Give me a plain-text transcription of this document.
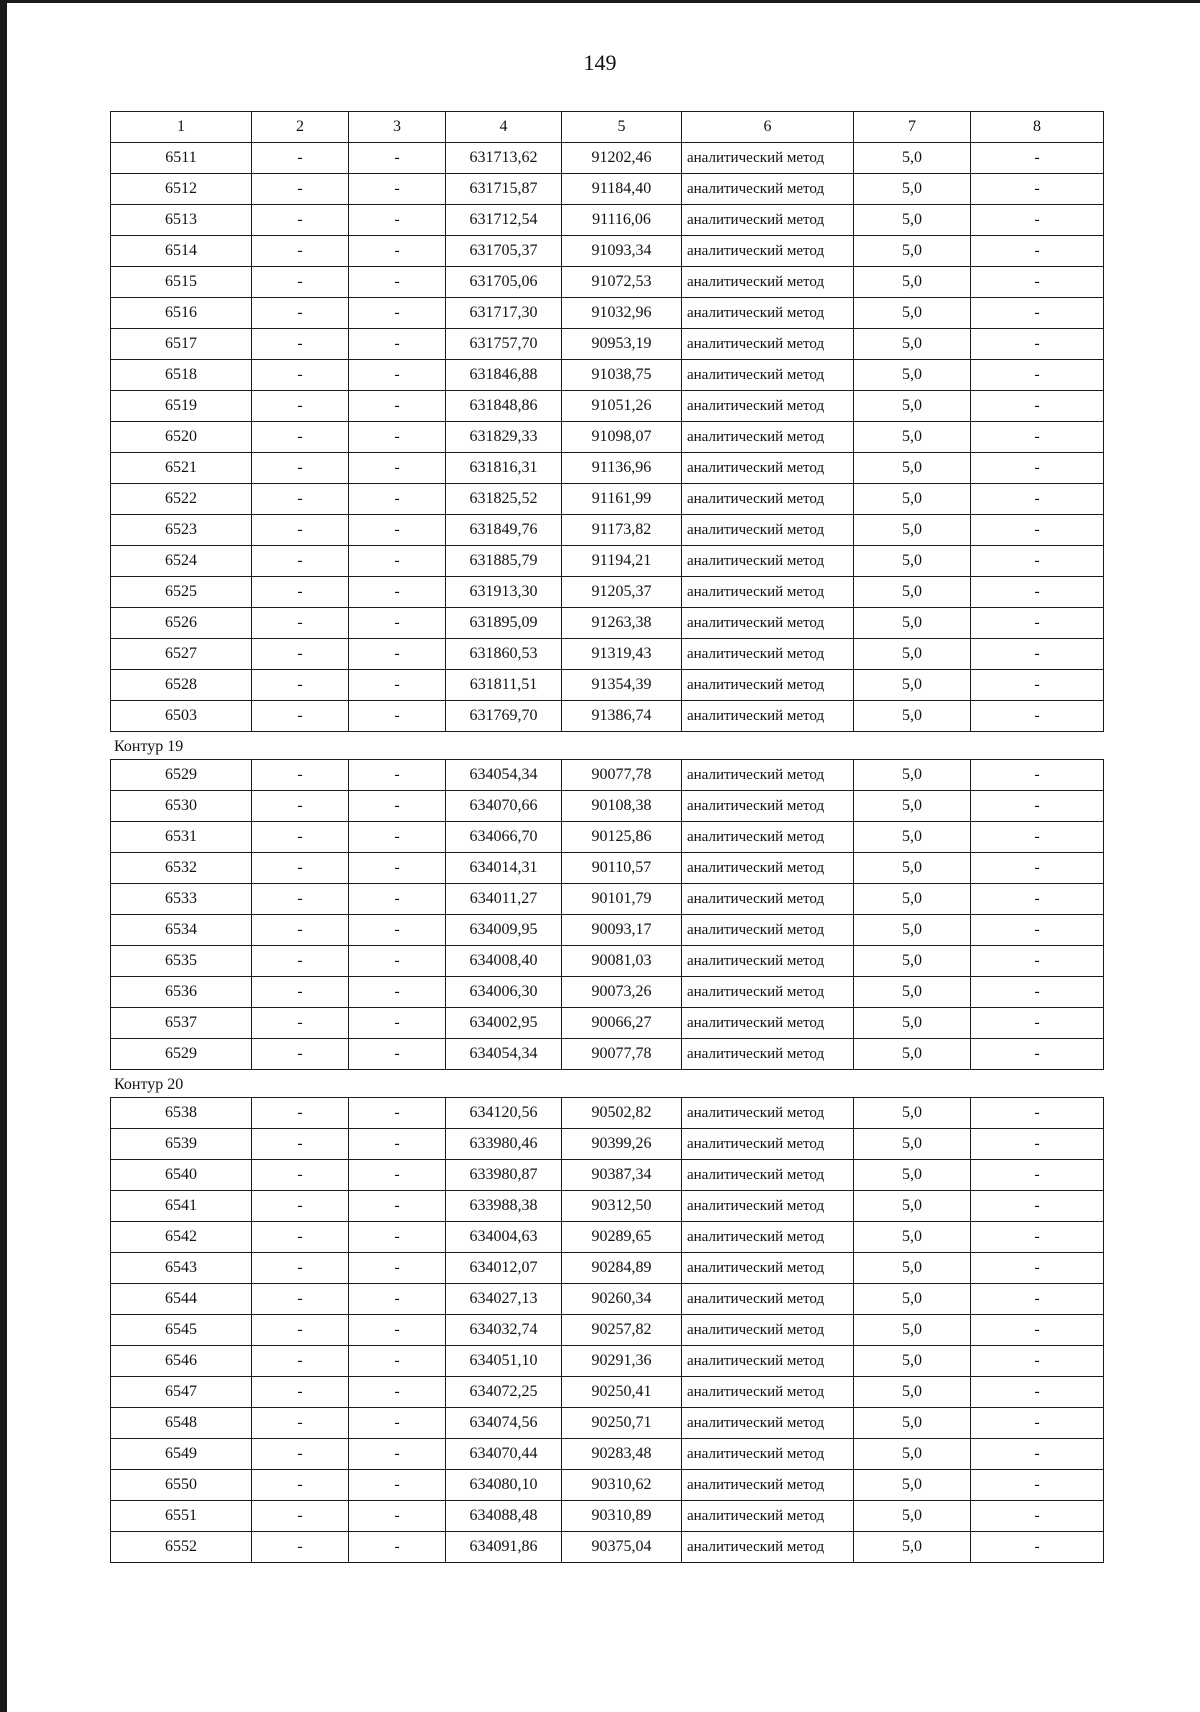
149
1	2	3	4	5	6	7	8
6511	-	-	631713,62	91202,46	аналитический метод	5,0	-
6512	-	-	631715,87	91184,40	аналитический метод	5,0	-
6513	-	-	631712,54	91116,06	аналитический метод	5,0	-
6514	-	-	631705,37	91093,34	аналитический метод	5,0	-
6515	-	-	631705,06	91072,53	аналитический метод	5,0	-
6516	-	-	631717,30	91032,96	аналитический метод	5,0	-
6517	-	-	631757,70	90953,19	аналитический метод	5,0	-
6518	-	-	631846,88	91038,75	аналитический метод	5,0	-
6519	-	-	631848,86	91051,26	аналитический метод	5,0	-
6520	-	-	631829,33	91098,07	аналитический метод	5,0	-
6521	-	-	631816,31	91136,96	аналитический метод	5,0	-
6522	-	-	631825,52	91161,99	аналитический метод	5,0	-
6523	-	-	631849,76	91173,82	аналитический метод	5,0	-
6524	-	-	631885,79	91194,21	аналитический метод	5,0	-
6525	-	-	631913,30	91205,37	аналитический метод	5,0	-
6526	-	-	631895,09	91263,38	аналитический метод	5,0	-
6527	-	-	631860,53	91319,43	аналитический метод	5,0	-
6528	-	-	631811,51	91354,39	аналитический метод	5,0	-
6503	-	-	631769,70	91386,74	аналитический метод	5,0	-
Контур 19
6529	-	-	634054,34	90077,78	аналитический метод	5,0	-
6530	-	-	634070,66	90108,38	аналитический метод	5,0	-
6531	-	-	634066,70	90125,86	аналитический метод	5,0	-
6532	-	-	634014,31	90110,57	аналитический метод	5,0	-
6533	-	-	634011,27	90101,79	аналитический метод	5,0	-
6534	-	-	634009,95	90093,17	аналитический метод	5,0	-
6535	-	-	634008,40	90081,03	аналитический метод	5,0	-
6536	-	-	634006,30	90073,26	аналитический метод	5,0	-
6537	-	-	634002,95	90066,27	аналитический метод	5,0	-
6529	-	-	634054,34	90077,78	аналитический метод	5,0	-
Контур 20
6538	-	-	634120,56	90502,82	аналитический метод	5,0	-
6539	-	-	633980,46	90399,26	аналитический метод	5,0	-
6540	-	-	633980,87	90387,34	аналитический метод	5,0	-
6541	-	-	633988,38	90312,50	аналитический метод	5,0	-
6542	-	-	634004,63	90289,65	аналитический метод	5,0	-
6543	-	-	634012,07	90284,89	аналитический метод	5,0	-
6544	-	-	634027,13	90260,34	аналитический метод	5,0	-
6545	-	-	634032,74	90257,82	аналитический метод	5,0	-
6546	-	-	634051,10	90291,36	аналитический метод	5,0	-
6547	-	-	634072,25	90250,41	аналитический метод	5,0	-
6548	-	-	634074,56	90250,71	аналитический метод	5,0	-
6549	-	-	634070,44	90283,48	аналитический метод	5,0	-
6550	-	-	634080,10	90310,62	аналитический метод	5,0	-
6551	-	-	634088,48	90310,89	аналитический метод	5,0	-
6552	-	-	634091,86	90375,04	аналитический метод	5,0	-
